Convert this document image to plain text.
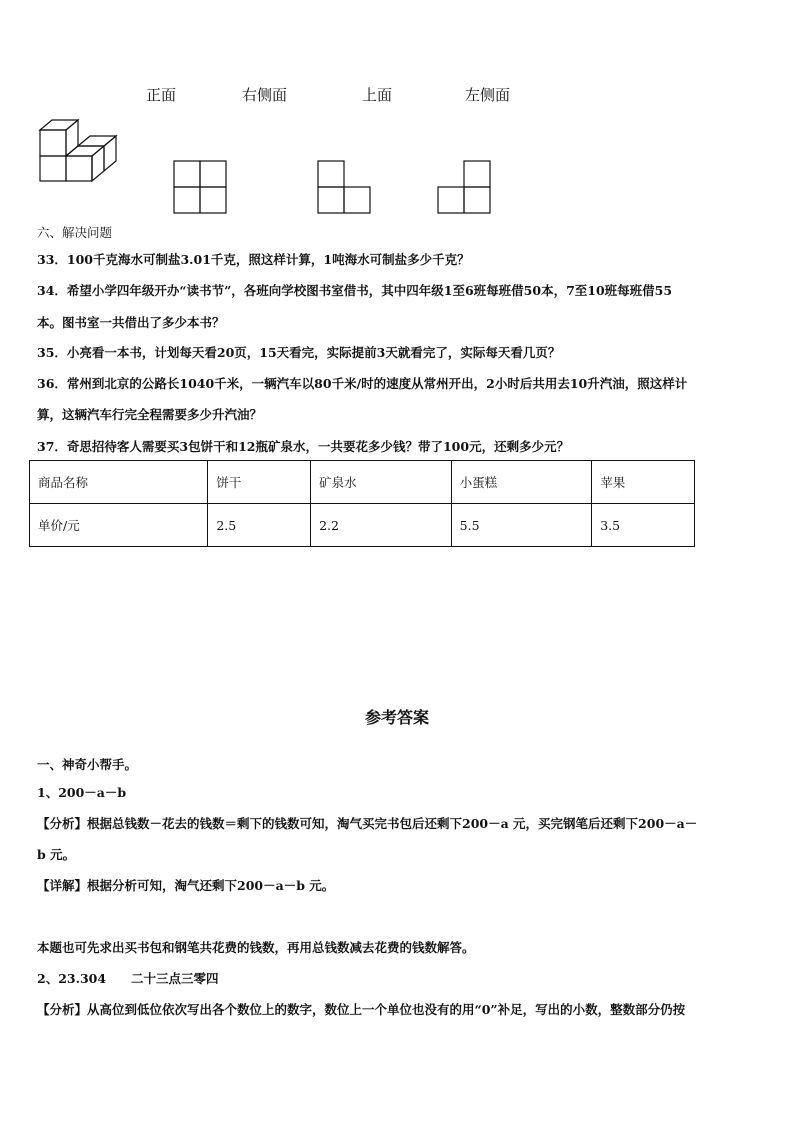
正面	右侧面	上面	左侧面
六、解决问题
33．100千克海水可制盐3.01千克，照这样计算，1吨海水可制盐多少千克？
34．希望小学四年级开办“读书节”，各班向学校图书室借书，其中四年级1至6班每班借50本，7至10班每班借55
本。图书室一共借出了多少本书？
35．小亮看一本书，计划每天看20页，15天看完，实际提前3天就看完了，实际每天看几页？
36．常州到北京的公路长1040千米，一辆汽车以80千米/时的速度从常州开出，2小时后共用去10升汽油，照这样计
算，这辆汽车行完全程需要多少升汽油？
37．奇思招待客人需要买3包饼干和12瓶矿泉水，一共要花多少钱？带了100元，还剩多少元？
商品名称	饼干	矿泉水	小蛋糕	苹果
单价/元	2.5	2.2	5.5	3.5
参考答案
一、神奇小帮手。
1、200－a－b
【分析】根据总钱数－花去的钱数＝剩下的钱数可知，淘气买完书包后还剩下200－a 元，买完钢笔后还剩下200－a－
b 元。
【详解】根据分析可知，淘气还剩下200－a－b 元。
本题也可先求出买书包和钢笔共花费的钱数，再用总钱数减去花费的钱数解答。
2、23.304　　二十三点三零四
【分析】从高位到低位依次写出各个数位上的数字，数位上一个单位也没有的用“0”补足，写出的小数，整数部分仍按
